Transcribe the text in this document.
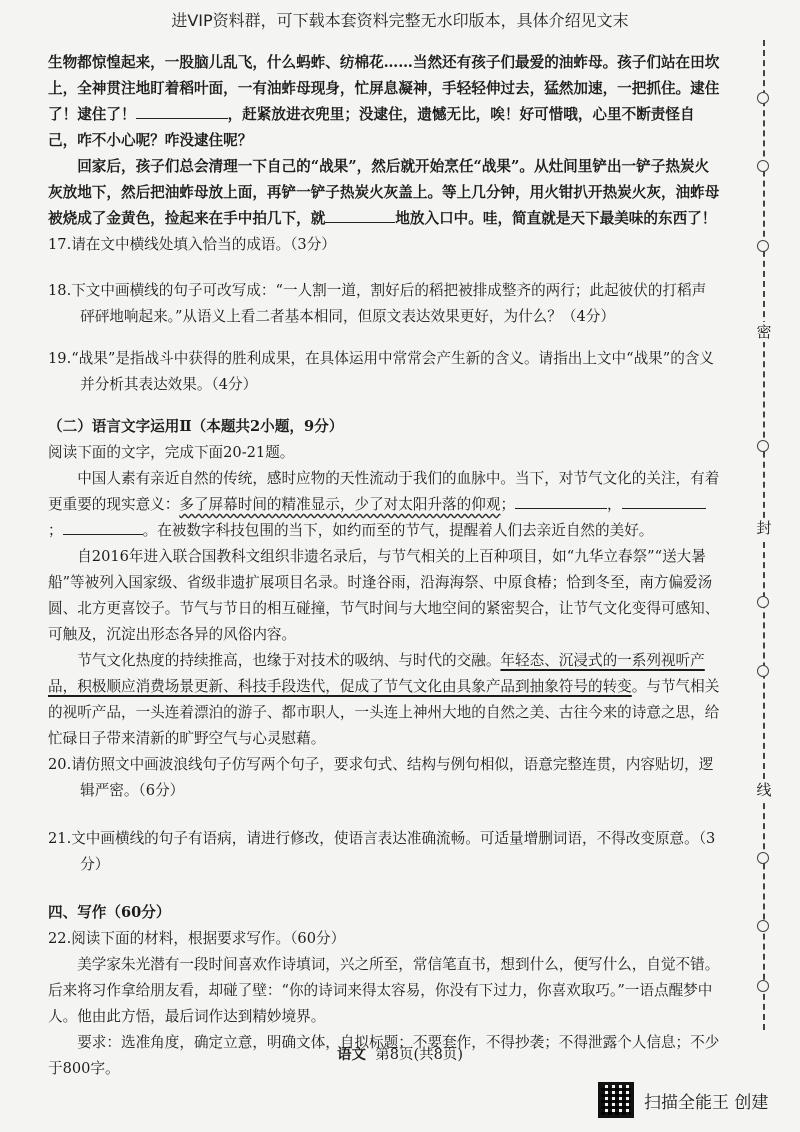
进VIP资料群，可下载本套资料完整无水印版本，具体介绍见文末

生物都惊惶起来，一股脑儿乱飞，什么蚂蚱、纺棉花……当然还有孩子们最爱的油蚱母。孩子们站在田坎上，全神贯注地盯着稻叶面，一有油蚱母现身，忙屏息凝神，手轻轻伸过去，猛然加速，一把抓住。逮住了！逮住了！	，赶紧放进衣兜里；没逮住，遗憾无比，唉！好可惜哦，心里不断责怪自己，咋不小心呢？咋没逮住呢？

回家后，孩子们总会清理一下自己的“战果”，然后就开始烹任“战果”。从灶间里铲出一铲子热炭火灰放地下，然后把油蚱母放上面，再铲一铲子热炭火灰盖上。等上几分钟，用火钳扒开热炭火灰，油蚱母被烧成了金黄色，捡起来在手中拍几下，就	地放入口中。哇，简直就是天下最美味的东西了！

17.请在文中横线处填入恰当的成语。（3分）

18.下文中画横线的句子可改写成：“一人割一道，割好后的稻把被排成整齐的两行；此起彼伏的打稻声砰砰地响起来。”从语义上看二者基本相同，但原文表达效果更好，为什么？（4分）

19.“战果”是指战斗中获得的胜利成果，在具体运用中常常会产生新的含义。请指出上文中“战果”的含义并分析其表达效果。（4分）

（二）语言文字运用Ⅱ（本题共2小题，9分）

阅读下面的文字，完成下面20-21题。

中国人素有亲近自然的传统，感时应物的天性流动于我们的血脉中。当下，对节气文化的关注，有着更重要的现实意义：多了屏幕时间的精准显示，少了对太阳升落的仰观；	，；	。在被数字科技包围的当下，如约而至的节气，提醒着人们去亲近自然的美好。

自2016年进入联合国教科文组织非遗名录后，与节气相关的上百种项目，如“九华立春祭”“送大暑船”等被列入国家级、省级非遗扩展项目名录。时逢谷雨，沿海海祭、中原食椿；恰到冬至，南方偏爱汤圆、北方更喜饺子。节气与节日的相互碰撞，节气时间与大地空间的紧密契合，让节气文化变得可感知、可触及，沉淀出形态各异的风俗内容。

节气文化热度的持续推高，也缘于对技术的吸纳、与时代的交融。年轻态、沉浸式的一系列视听产品，积极顺应消费场景更新、科技手段迭代，促成了节气文化由具象产品到抽象符号的转变。与节气相关的视听产品，一头连着漂泊的游子、都市职人，一头连上神州大地的自然之美、古往今来的诗意之思，给忙碌日子带来清新的旷野空气与心灵慰藉。

20.请仿照文中画波浪线句子仿写两个句子，要求句式、结构与例句相似，语意完整连贯，内容贴切，逻辑严密。（6分）

21.文中画横线的句子有语病，请进行修改，使语言表达准确流畅。可适量增删词语，不得改变原意。（3分）

四、写作（60分）

22.阅读下面的材料，根据要求写作。（60分）

美学家朱光潜有一段时间喜欢作诗填词，兴之所至，常信笔直书，想到什么，便写什么，自觉不错。后来将习作拿给朋友看，却碰了壁：“你的诗词来得太容易，你没有下过力，你喜欢取巧。”一语点醒梦中人。他由此方悟，最后词作达到精妙境界。

要求：选准角度，确定立意，明确文体，自拟标题；不要套作，不得抄袭；不得泄露个人信息；不少于800字。

语文 第8页(共8页)
密
封
线
扫描全能王 创建
